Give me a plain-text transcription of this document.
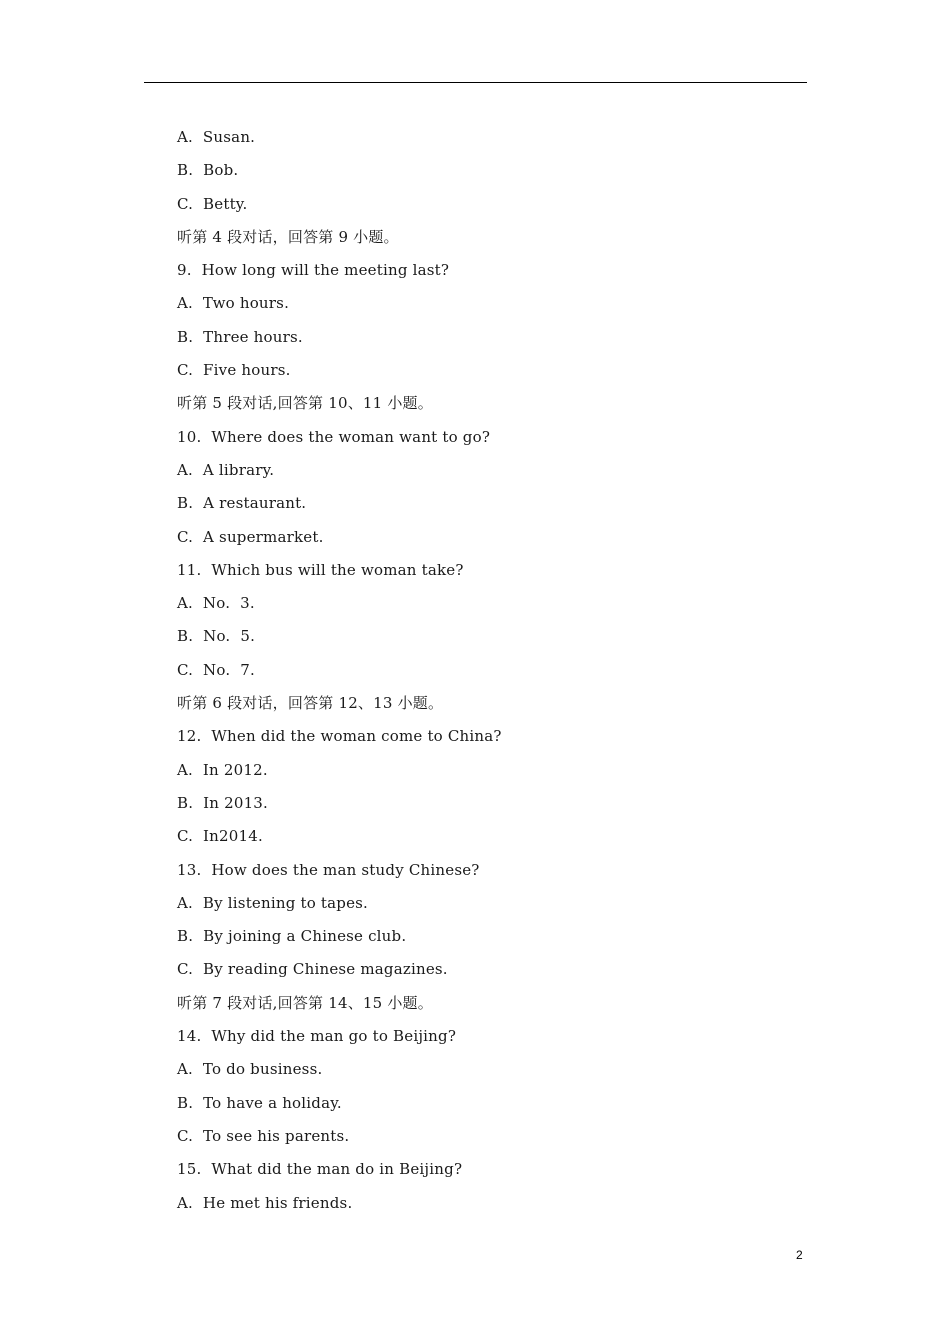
A.  Susan.
B.  Bob.
C.  Betty.
听第 4 段对话，回答第 9 小题。
9.  How long will the meeting last?
A.  Two hours.
B.  Three hours.
C.  Five hours.
听第 5 段对话,回答第 10、11 小题。
10.  Where does the woman want to go?
A.  A library.
B.  A restaurant.
C.  A supermarket.
11.  Which bus will the woman take?
A.  No.  3.
B.  No.  5.
C.  No.  7.
听第 6 段对话，回答第 12、13 小题。
12.  When did the woman come to China?
A.  In 2012.
B.  In 2013.
C.  In2014.
13.  How does the man study Chinese?
A.  By listening to tapes.
B.  By joining a Chinese club.
C.  By reading Chinese magazines.
听第 7 段对话,回答第 14、15 小题。
14.  Why did the man go to Beijing?
A.  To do business.
B.  To have a holiday.
C.  To see his parents.
15.  What did the man do in Beijing?
A.  He met his friends.
2
